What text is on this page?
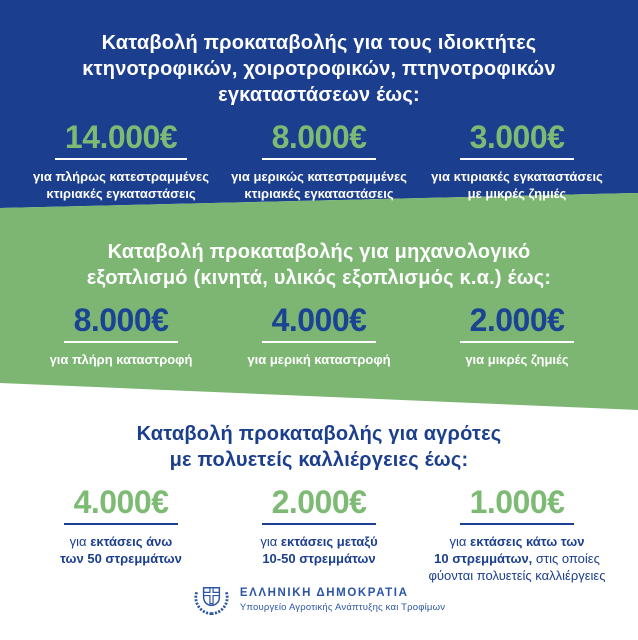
Καταβολή προκαταβολής για τους ιδιοκτήτες
κτηνοτροφικών, χοιροτροφικών, πτηνοτροφικών
εγκαταστάσεων έως:
14.000€
για πλήρως κατεστραμμένες
κτιριακές εγκαταστάσεις
8.000€
για μερικώς κατεστραμμένες
κτιριακές εγκαταστάσεις
3.000€
για κτιριακές εγκαταστάσεις
με μικρές ζημιές
Καταβολή προκαταβολής για μηχανολογικό
εξοπλισμό (κινητά, υλικός εξοπλισμός κ.α.) έως:
8.000€
για πλήρη καταστροφή
4.000€
για μερική καταστροφή
2.000€
για μικρές ζημιές
Καταβολή προκαταβολής για αγρότες
με πολυετείς καλλιέργειες έως:
4.000€
για εκτάσεις άνω
των 50 στρεμμάτων
2.000€
για εκτάσεις μεταξύ
10-50 στρεμμάτων
1.000€
για εκτάσεις κάτω των
10 στρεμμάτων, στις οποίες
φύονται πολυετείς καλλιέργειες
ΕΛΛΗΝΙΚΗ ΔΗΜΟΚΡΑΤΙΑ
Υπουργείο Αγροτικής Ανάπτυξης και Τροφίμων
